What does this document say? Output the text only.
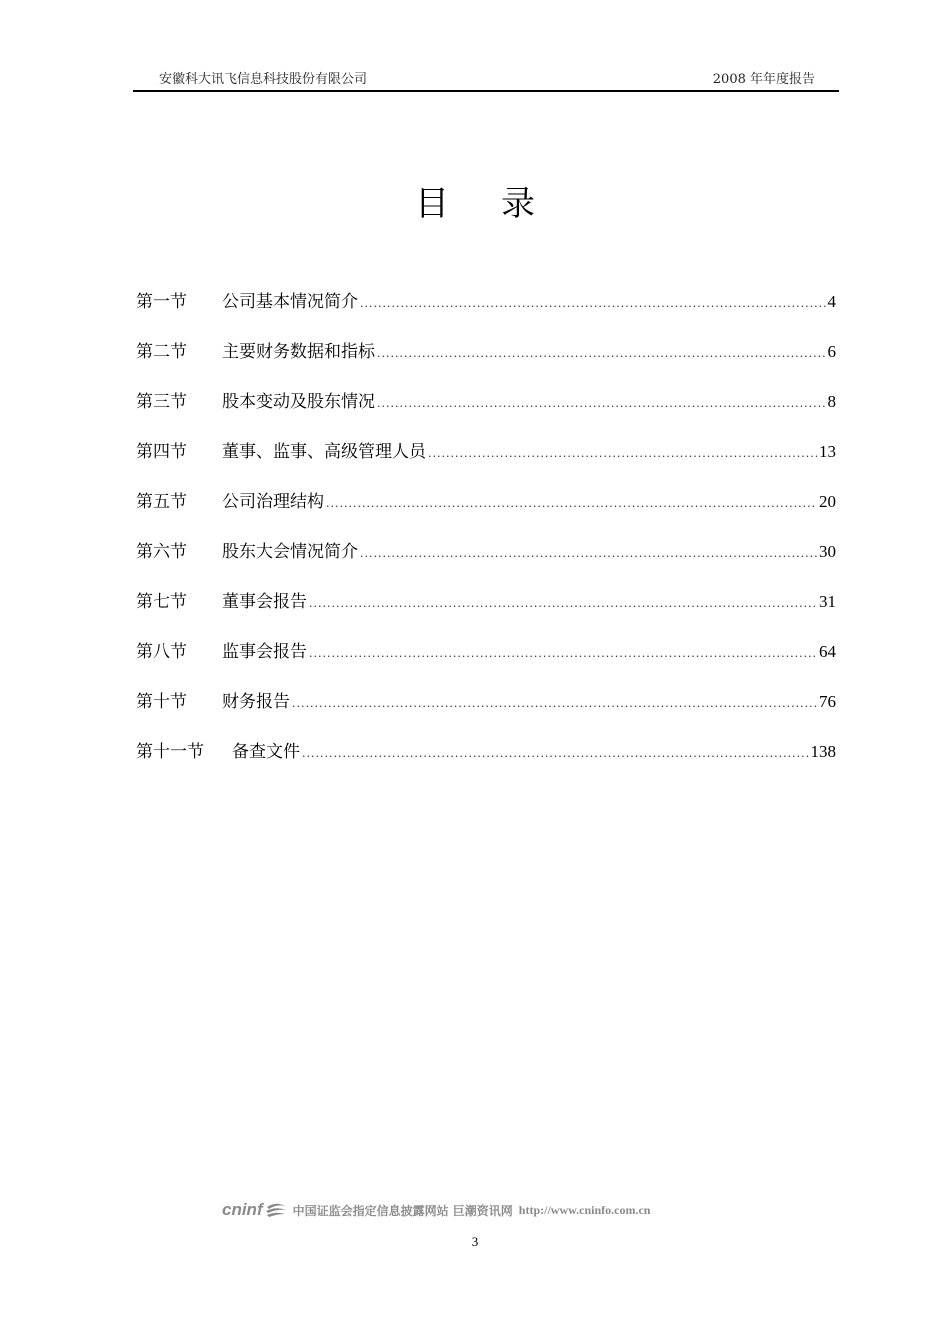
安徽科大讯飞信息科技股份有限公司	2008 年年度报告
目录
第一节	公司基本情况简介 .....	4
第二节	主要财务数据和指标 .....	6
第三节	股本变动及股东情况 .....	8
第四节	董事、监事、高级管理人员 .....	13
第五节	公司治理结构 .....	20
第六节	股东大会情况简介 .....	30
第七节	董事会报告 .....	31
第八节	监事会报告 .....	64
第十节	财务报告 .....	76
第十一节	备查文件 .....	138
cninf	中国证监会指定信息披露网站 巨潮资讯网 http://www.cninfo.com.cn
3
